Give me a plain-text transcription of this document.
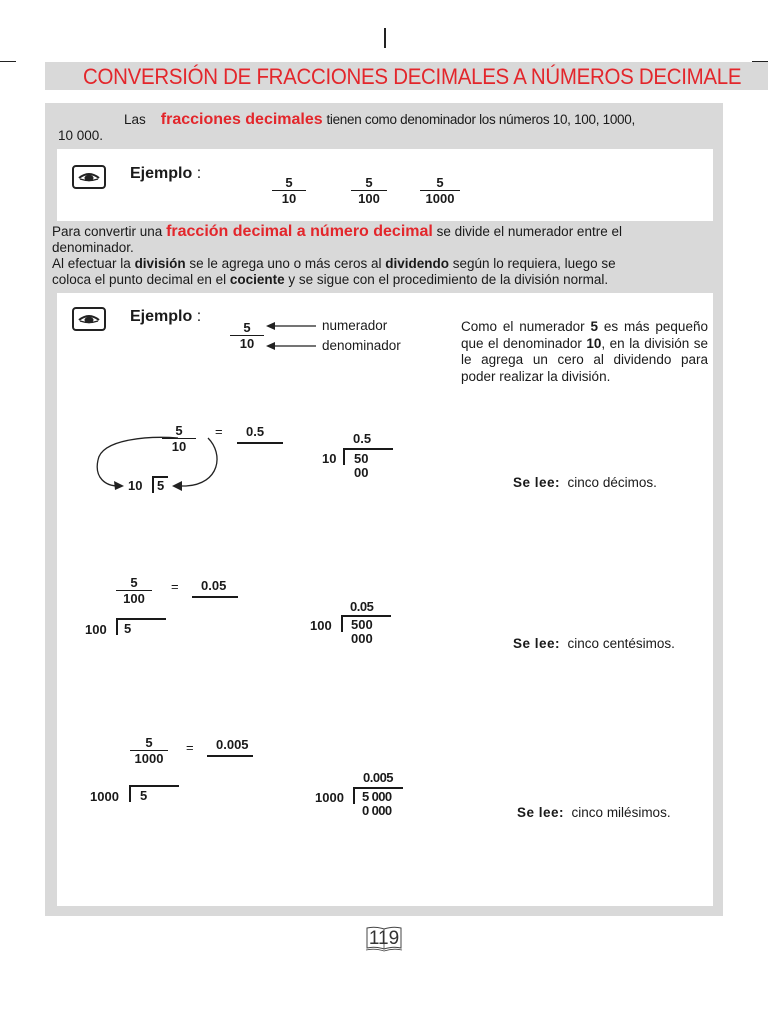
CONVERSIÓN DE FRACCIONES DECIMALES A NÚMEROS DECIMALE
Las fracciones decimales tienen como denominador los números 10, 100, 1000,
10 000.
Ejemplo :
$\frac{5}{10}$	$\frac{5}{100}$	$\frac{5}{1000}$
Para convertir una fracción decimal a número decimal se divide el numerador entre el
denominador.
Al efectuar la división se le agrega uno o más ceros al dividendo según lo requiera, luego se
coloca el punto decimal en el cociente y se sigue con el procedimiento de la división normal.
Ejemplo :
$\frac{5}{10}$	numerador
denominador
Como el numerador 5 es más pequeño que el denominador 10, en la división se le agrega un cero al dividendo para poder realizar la división.
$\frac{5}{10} = 0.5$
10 5
0.5
10 50
00
Se lee: cinco décimos.
$\frac{5}{100} = 0.05$
100 5
0.05
100 500
000	Se lee: cinco centésimos.
$\frac{5}{1000} = 0.005$
1000 5
0.005
1000 5 000
0 000	Se lee: cinco milésimos.
119
